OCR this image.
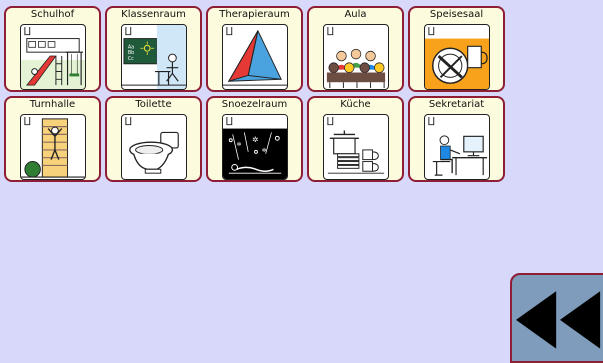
Schulhof	Klassenraum
Aa
Bb
Cc
Therapieraum	Aula	Speisesaal
Turnhalle	Toilette	Snoezelraum
✲
✲
✲
Küche	Sekretariat
